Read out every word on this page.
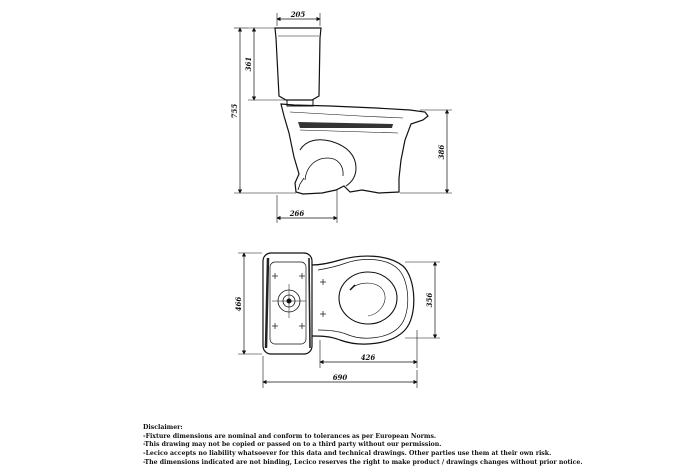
205
361
755
386
266
466	356
426
690
Disclaimer:
-Fixture dimensions are nominal and conform to tolerances as per European Norms.
-This drawing may not be copied or passed on to a third party without our permission.
-Lecico accepts no liability whatsoever for this data and technical drawings. Other parties use them at their own risk.
-The dimensions indicated are not binding, Lecico reserves the right to make product / drawings changes without prior notice.
